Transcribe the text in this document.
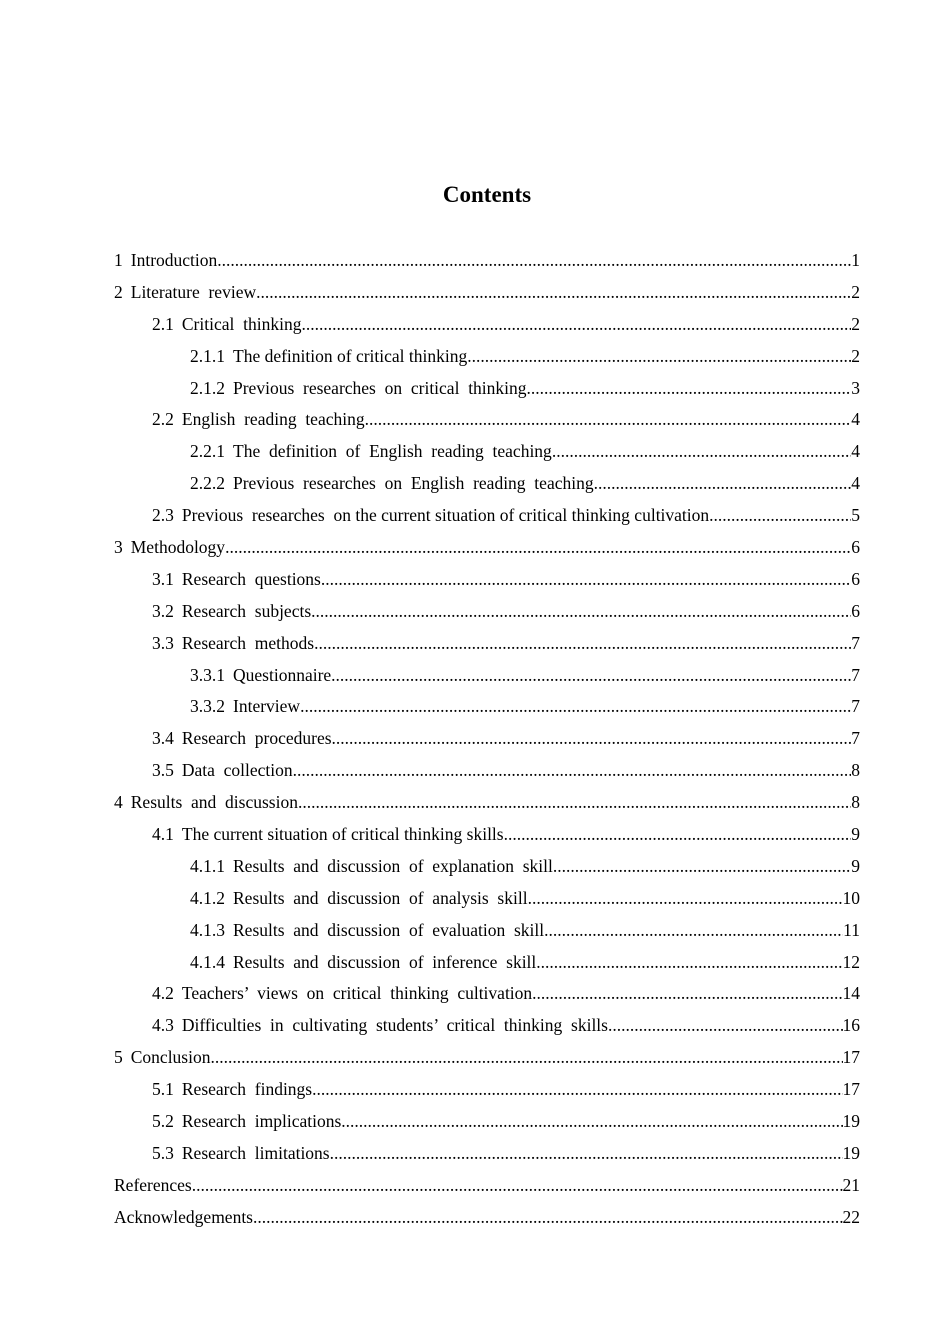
Contents
1 Introduction .....	1
2 Literature  review .....	2
2.1 Critical  thinking .....	2
2.1.1 The definition of critical thinking .....	2
2.1.2 Previous  researches  on  critical  thinking .....	3
2.2 English  reading  teaching .....	4
2.2.1 The  definition  of  English  reading  teaching .....	4
2.2.2 Previous  researches  on  English  reading  teaching .....	4
2.3 Previous  researches  on the current situation of critical thinking cultivation .....	5
3 Methodology .....	6
3.1 Research  questions .....	6
3.2 Research  subjects .....	6
3.3 Research  methods .....	7
3.3.1 Questionnaire .....	7
3.3.2 Interview .....	7
3.4 Research  procedures .....	7
3.5 Data  collection .....	8
4 Results  and  discussion .....	8
4.1 The current situation of critical thinking skills .....	9
4.1.1 Results  and  discussion  of  explanation  skill .....	9
4.1.2 Results  and  discussion  of  analysis  skill .....	10
4.1.3 Results  and  discussion  of  evaluation  skill .....	11
4.1.4 Results  and  discussion  of  inference  skill .....	12
4.2 Teachers’  views  on  critical  thinking  cultivation .....	14
4.3 Difficulties  in  cultivating  students’  critical  thinking  skills .....	16
5 Conclusion .....	17
5.1 Research  findings .....	17
5.2 Research  implications .....	19
5.3 Research  limitations .....	19
References .....	21
Acknowledgements .....	22
